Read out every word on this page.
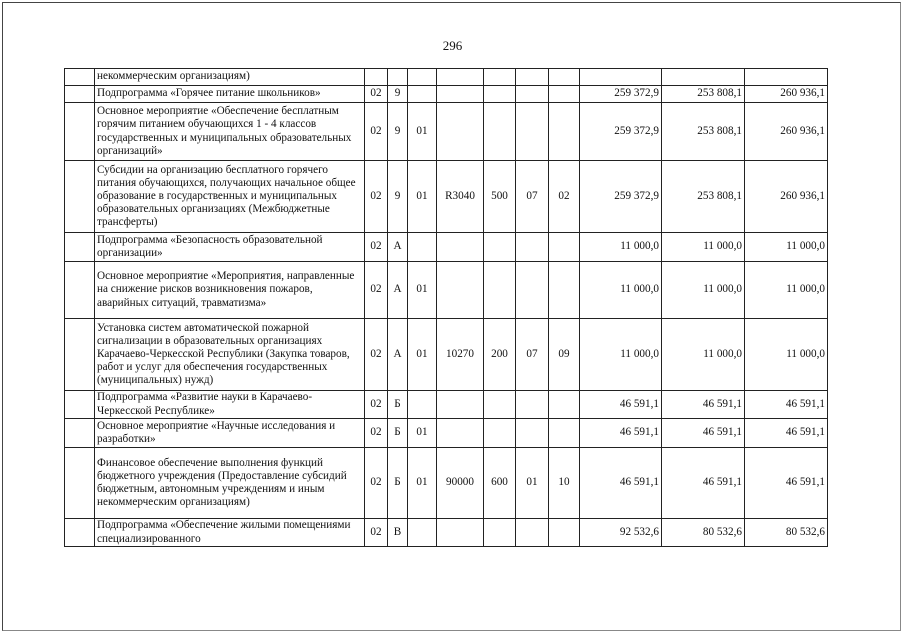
296
	некоммерческим организациям)										
	Подпрограмма «Горячее питание школьников»	02	9						259 372,9	253 808,1	260 936,1
	Основное мероприятие «Обеспечение бесплатным горячим питанием обучающихся 1 - 4 классов государственных и муниципальных образовательных организаций»	02	9	01					259 372,9	253 808,1	260 936,1
	Субсидии на организацию бесплатного горячего питания обучающихся, получающих начальное общее образование в государственных и муниципальных образовательных организациях (Межбюджетные трансферты)	02	9	01	R3040	500	07	02	259 372,9	253 808,1	260 936,1
	Подпрограмма «Безопасность образовательной организации»	02	А						11 000,0	11 000,0	11 000,0
	Основное мероприятие «Мероприятия, направленные на снижение рисков возникновения пожаров, аварийных ситуаций, травматизма»	02	А	01					11 000,0	11 000,0	11 000,0
	Установка систем автоматической пожарной сигнализации в образовательных организациях Карачаево-Черкесской Республики (Закупка товаров, работ и услуг для обеспечения государственных (муниципальных) нужд)	02	А	01	10270	200	07	09	11 000,0	11 000,0	11 000,0
	Подпрограмма «Развитие науки в Карачаево-Черкесской Республике»	02	Б						46 591,1	46 591,1	46 591,1
	Основное мероприятие «Научные исследования и разработки»	02	Б	01					46 591,1	46 591,1	46 591,1
	Финансовое обеспечение выполнения функций бюджетного учреждения (Предоставление субсидий бюджетным, автономным учреждениям и иным некоммерческим организациям)	02	Б	01	90000	600	01	10	46 591,1	46 591,1	46 591,1
	Подпрограмма «Обеспечение жилыми помещениями специализированного	02	В						92 532,6	80 532,6	80 532,6
